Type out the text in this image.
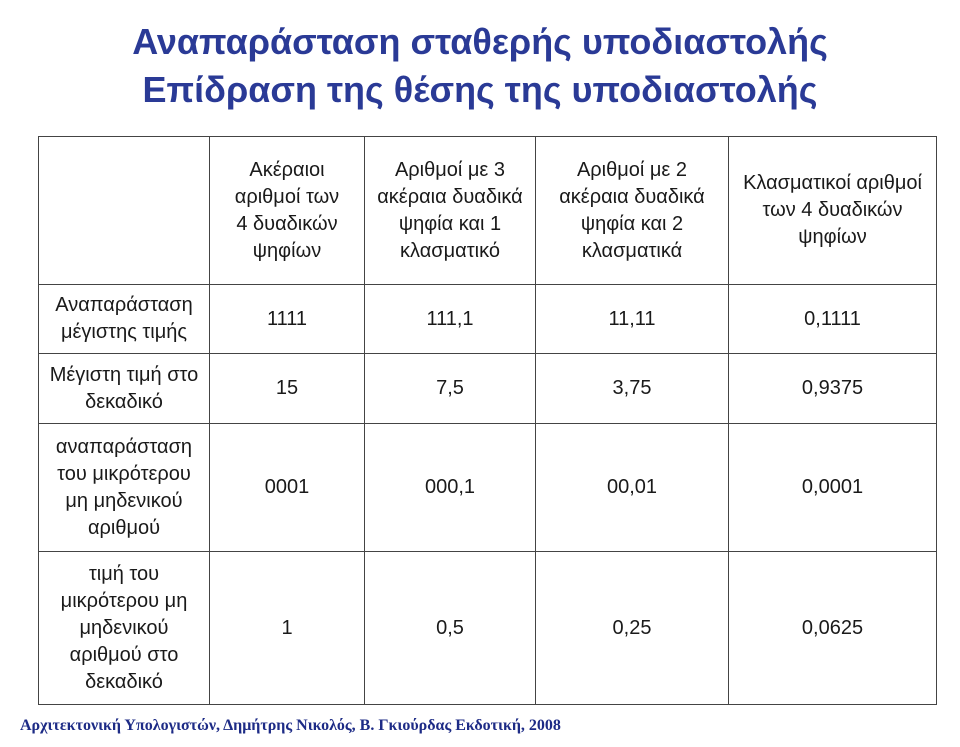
Αναπαράσταση σταθερής υποδιαστολής
Επίδραση της θέσης της υποδιαστολής

	Ακέραιοι αριθμοί των 4 δυαδικών ψηφίων	Αριθμοί με 3 ακέραια δυαδικά ψηφία και 1 κλασματικό	Αριθμοί με 2 ακέραια δυαδικά ψηφία και 2 κλασματικά	Κλασματικοί αριθμοί των 4 δυαδικών ψηφίων

Αναπαράσταση μέγιστης τιμής	1111	111,1	11,11	0,1111
Μέγιστη τιμή στο δεκαδικό	15	7,5	3,75	0,9375

αναπαράσταση του μικρότερου μη μηδενικού αριθμού	0001	000,1	00,01	0,0001

τιμή του μικρότερου μη μηδενικού αριθμού στο δεκαδικό	1	0,5	0,25	0,0625

Αρχιτεκτονική Υπολογιστών, Δημήτρης Νικολός, Β. Γκιούρδας Εκδοτική, 2008
